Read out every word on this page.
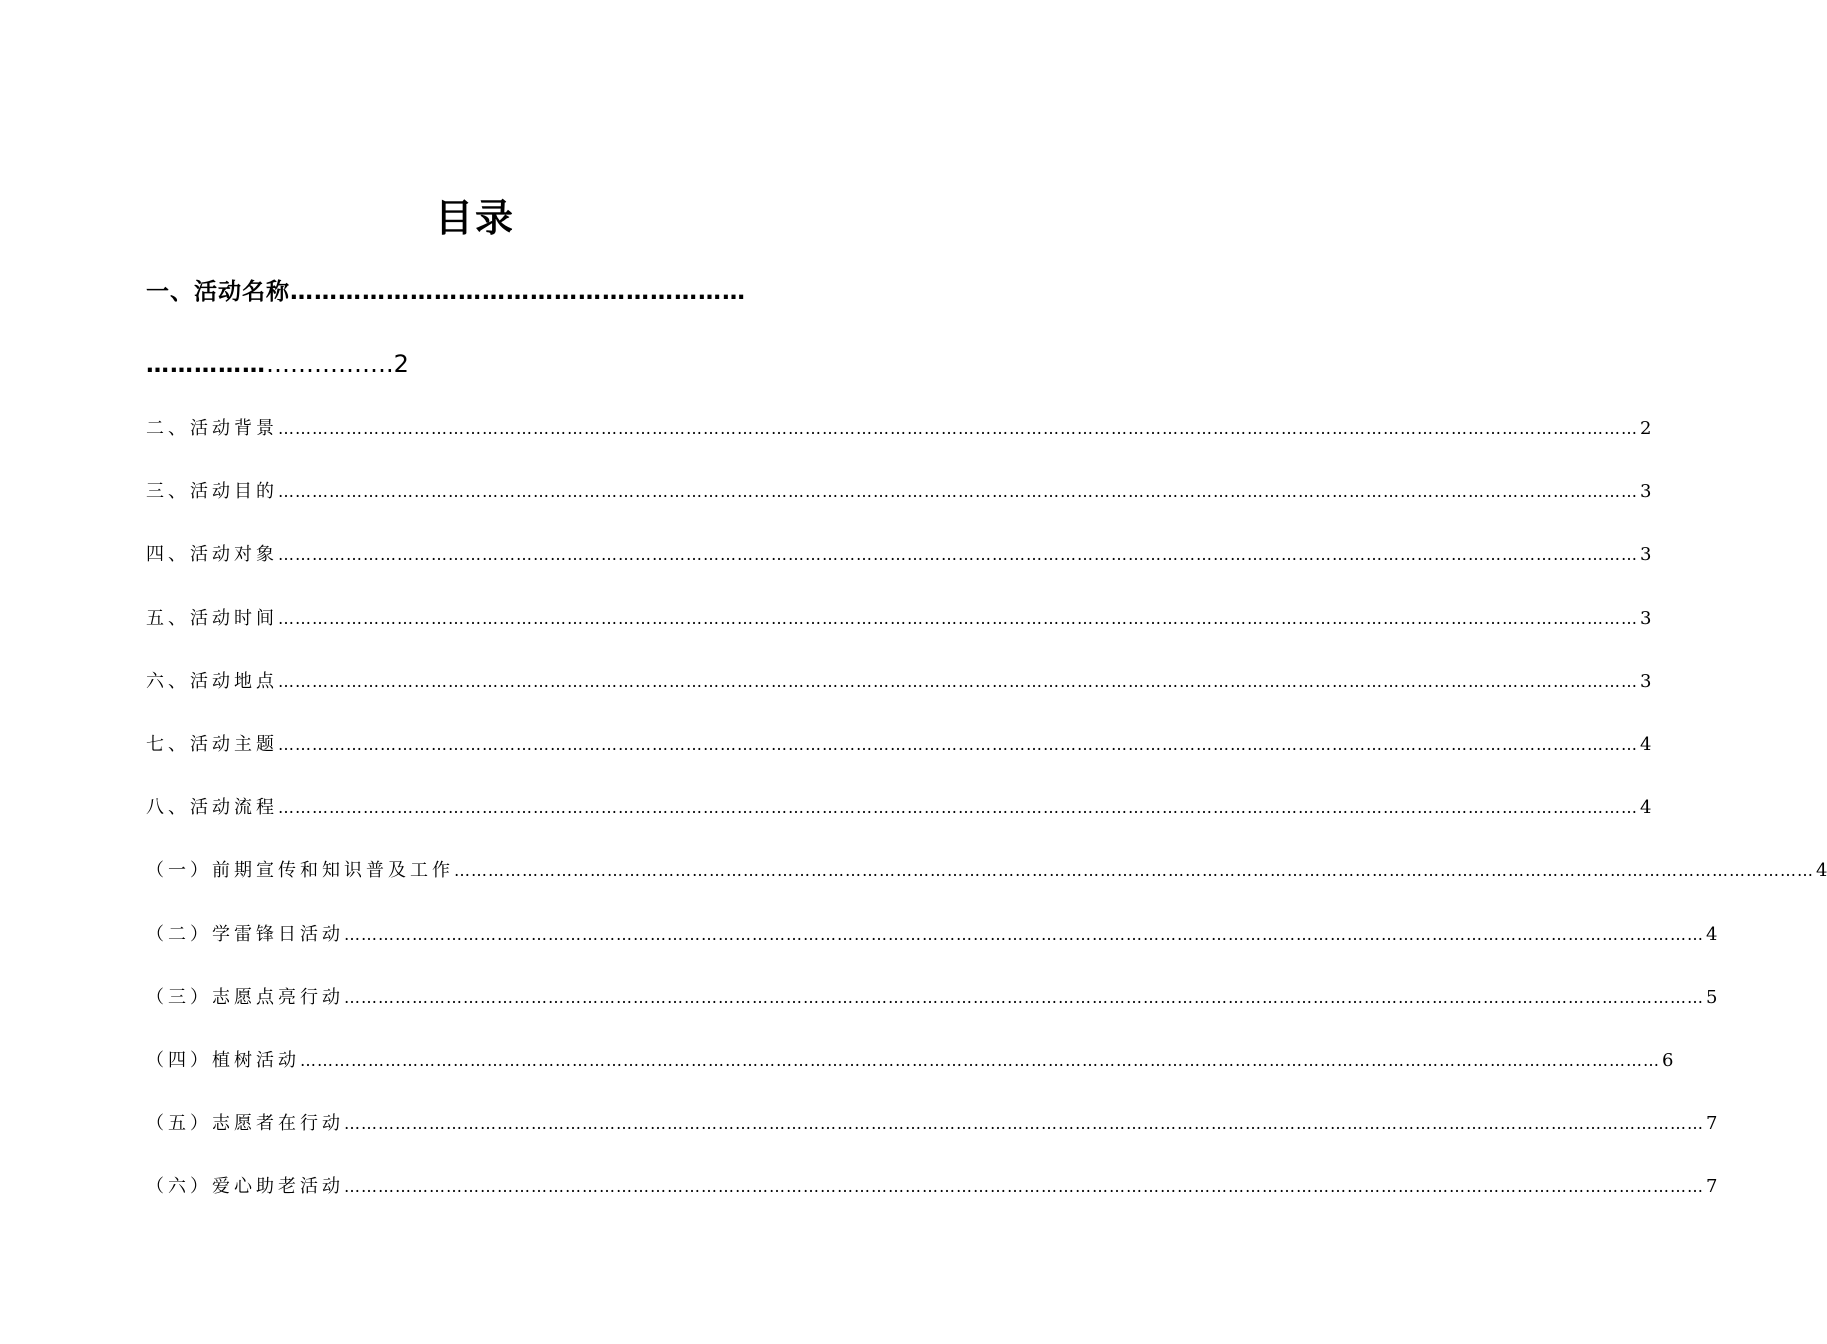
目录
一、活动名称…………………………………………………
………………………….2
二、活动背景 …………………………………………………………………………………………………………………………………………………………………………………………………………………… 2
三、活动目的 …………………………………………………………………………………………………………………………………………………………………………………………………………………… 3
四、活动对象 …………………………………………………………………………………………………………………………………………………………………………………………………………………… 3
五、活动时间 …………………………………………………………………………………………………………………………………………………………………………………………………………………… 3
六、活动地点 …………………………………………………………………………………………………………………………………………………………………………………………………………………… 3
七、活动主题 …………………………………………………………………………………………………………………………………………………………………………………………………………………… 4
八、活动流程 …………………………………………………………………………………………………………………………………………………………………………………………………………………… 4
（一）前期宣传和知识普及工作 …………………………………………………………………………………………………………………………………………………………………………………………………………………… 4
（二）学雷锋日活动 …………………………………………………………………………………………………………………………………………………………………………………………………………………… 4
（三）志愿点亮行动 …………………………………………………………………………………………………………………………………………………………………………………………………………………… 5
（四）植树活动 …………………………………………………………………………………………………………………………………………………………………………………………………………………… 6
（五）志愿者在行动 …………………………………………………………………………………………………………………………………………………………………………………………………………………… 7
（六）爱心助老活动 …………………………………………………………………………………………………………………………………………………………………………………………………………………… 7
